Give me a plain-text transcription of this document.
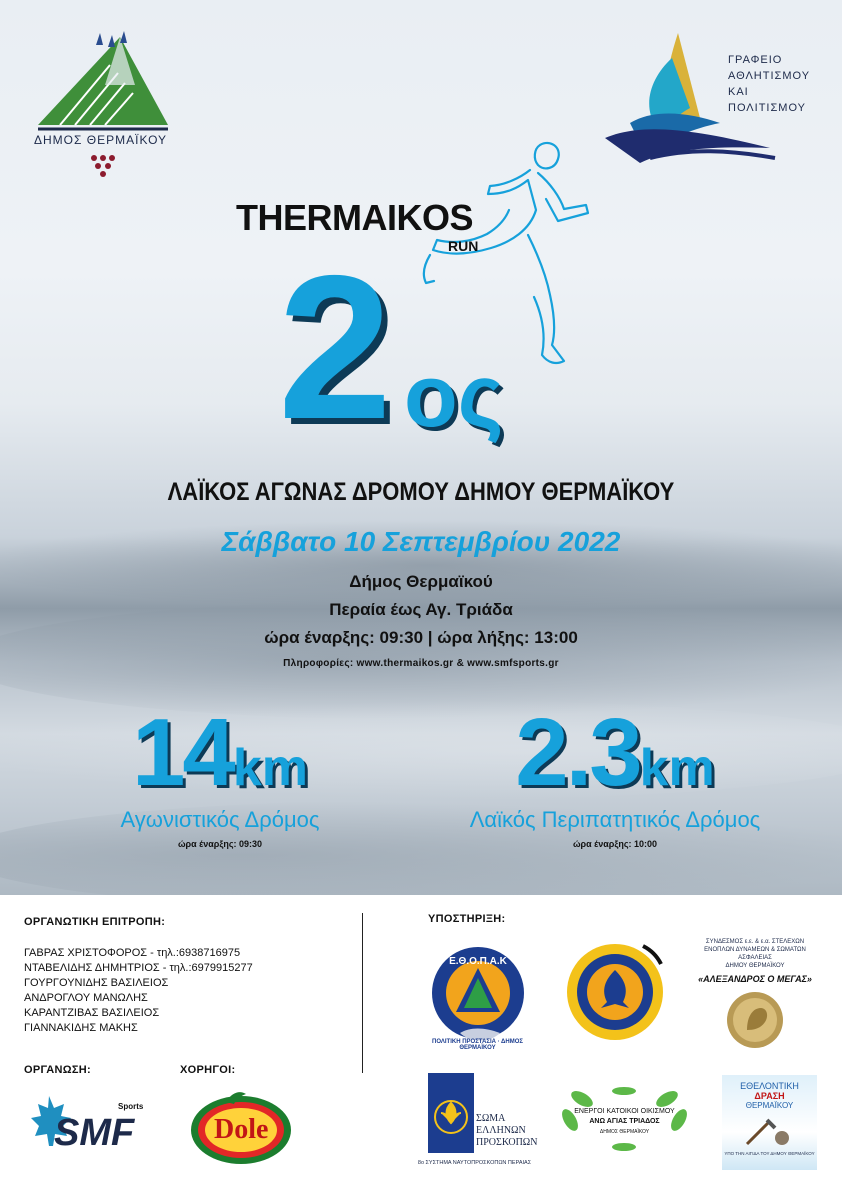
ΔΗΜΟΣ ΘΕΡΜΑΪΚΟΥ
ΓΡΑΦΕΙΟ
ΑΘΛΗΤΙΣΜΟΥ
ΚΑΙ
ΠΟΛΙΤΙΣΜΟΥ
THERMAIKOS
RUN
2 ος
ΛΑΪΚΟΣ ΑΓΩΝΑΣ ΔΡΟΜΟΥ ΔΗΜΟΥ ΘΕΡΜΑΪΚΟΥ
Σάββατο 10 Σεπτεμβρίου 2022
Δήμος Θερμαϊκού
Περαία έως Αγ. Τριάδα
ώρα έναρξης: 09:30 | ώρα λήξης: 13:00
Πληροφορίες: www.thermaikos.gr & www.smfsports.gr
14km
Αγωνιστικός Δρόμος
ώρα έναρξης: 09:30
2.3km
Λαϊκός Περιπατητικός Δρόμος
ώρα έναρξης: 10:00
ΟΡΓΑΝΩΤΙΚΗ ΕΠΙΤΡΟΠΗ:
ΓΑΒΡΑΣ ΧΡΙΣΤΟΦΟΡΟΣ - τηλ.:6938716975
ΝΤΑΒΕΛΙΔΗΣ ΔΗΜΗΤΡΙΟΣ - τηλ.:6979915277
ΓΟΥΡΓΟΥΝΙΔΗΣ ΒΑΣΙΛΕΙΟΣ
ΑΝΔΡΟΓΛΟΥ ΜΑΝΩΛΗΣ
ΚΑΡΑΝΤΖΙΒΑΣ ΒΑΣΙΛΕΙΟΣ
ΓΙΑΝΝΑΚΙΔΗΣ ΜΑΚΗΣ
ΟΡΓΑΝΩΣΗ:
Sports
SMF
ΧΟΡΗΓΟΙ:
Dole
ΥΠΟΣΤΗΡΙΞΗ:
Ε.Θ.Ο.Π.Α.Κ
ΠΟΛΙΤΙΚΗ ΠΡΟΣΤΑΣΙΑ · ΔΗΜΟΣ ΘΕΡΜΑΪΚΟΥ
ΣΥΝΔΕΣΜΟΣ ε.ε. & ε.α. ΣΤΕΛΕΧΩΝ
ΕΝΟΠΛΩΝ ΔΥΝΑΜΕΩΝ & ΣΩΜΑΤΩΝ ΑΣΦΑΛΕΙΑΣ
ΔΗΜΟΥ ΘΕΡΜΑΪΚΟΥ
«ΑΛΕΞΑΝΔΡΟΣ Ο ΜΕΓΑΣ»
ΣΩΜΑ
ΕΛΛΗΝΩΝ
ΠΡΟΣΚΟΠΩΝ
8ο ΣΥΣΤΗΜΑ ΝΑΥΤΟΠΡΟΣΚΟΠΩΝ ΠΕΡΑΙΑΣ
ΕΝΕΡΓΟΙ ΚΑΤΟΙΚΟΙ ΟΙΚΙΣΜΟΥ
ΑΝΩ ΑΓΙΑΣ ΤΡΙΑΔΟΣ
ΔΗΜΟΣ ΘΕΡΜΑΪΚΟΥ
ΕΘΕΛΟΝΤΙΚΗ
ΔΡΑΣΗ
ΘΕΡΜΑΪΚΟΥ
ΥΠΟ ΤΗΝ ΑΙΓΙΔΑ ΤΟΥ ΔΗΜΟΥ ΘΕΡΜΑΪΚΟΥ
